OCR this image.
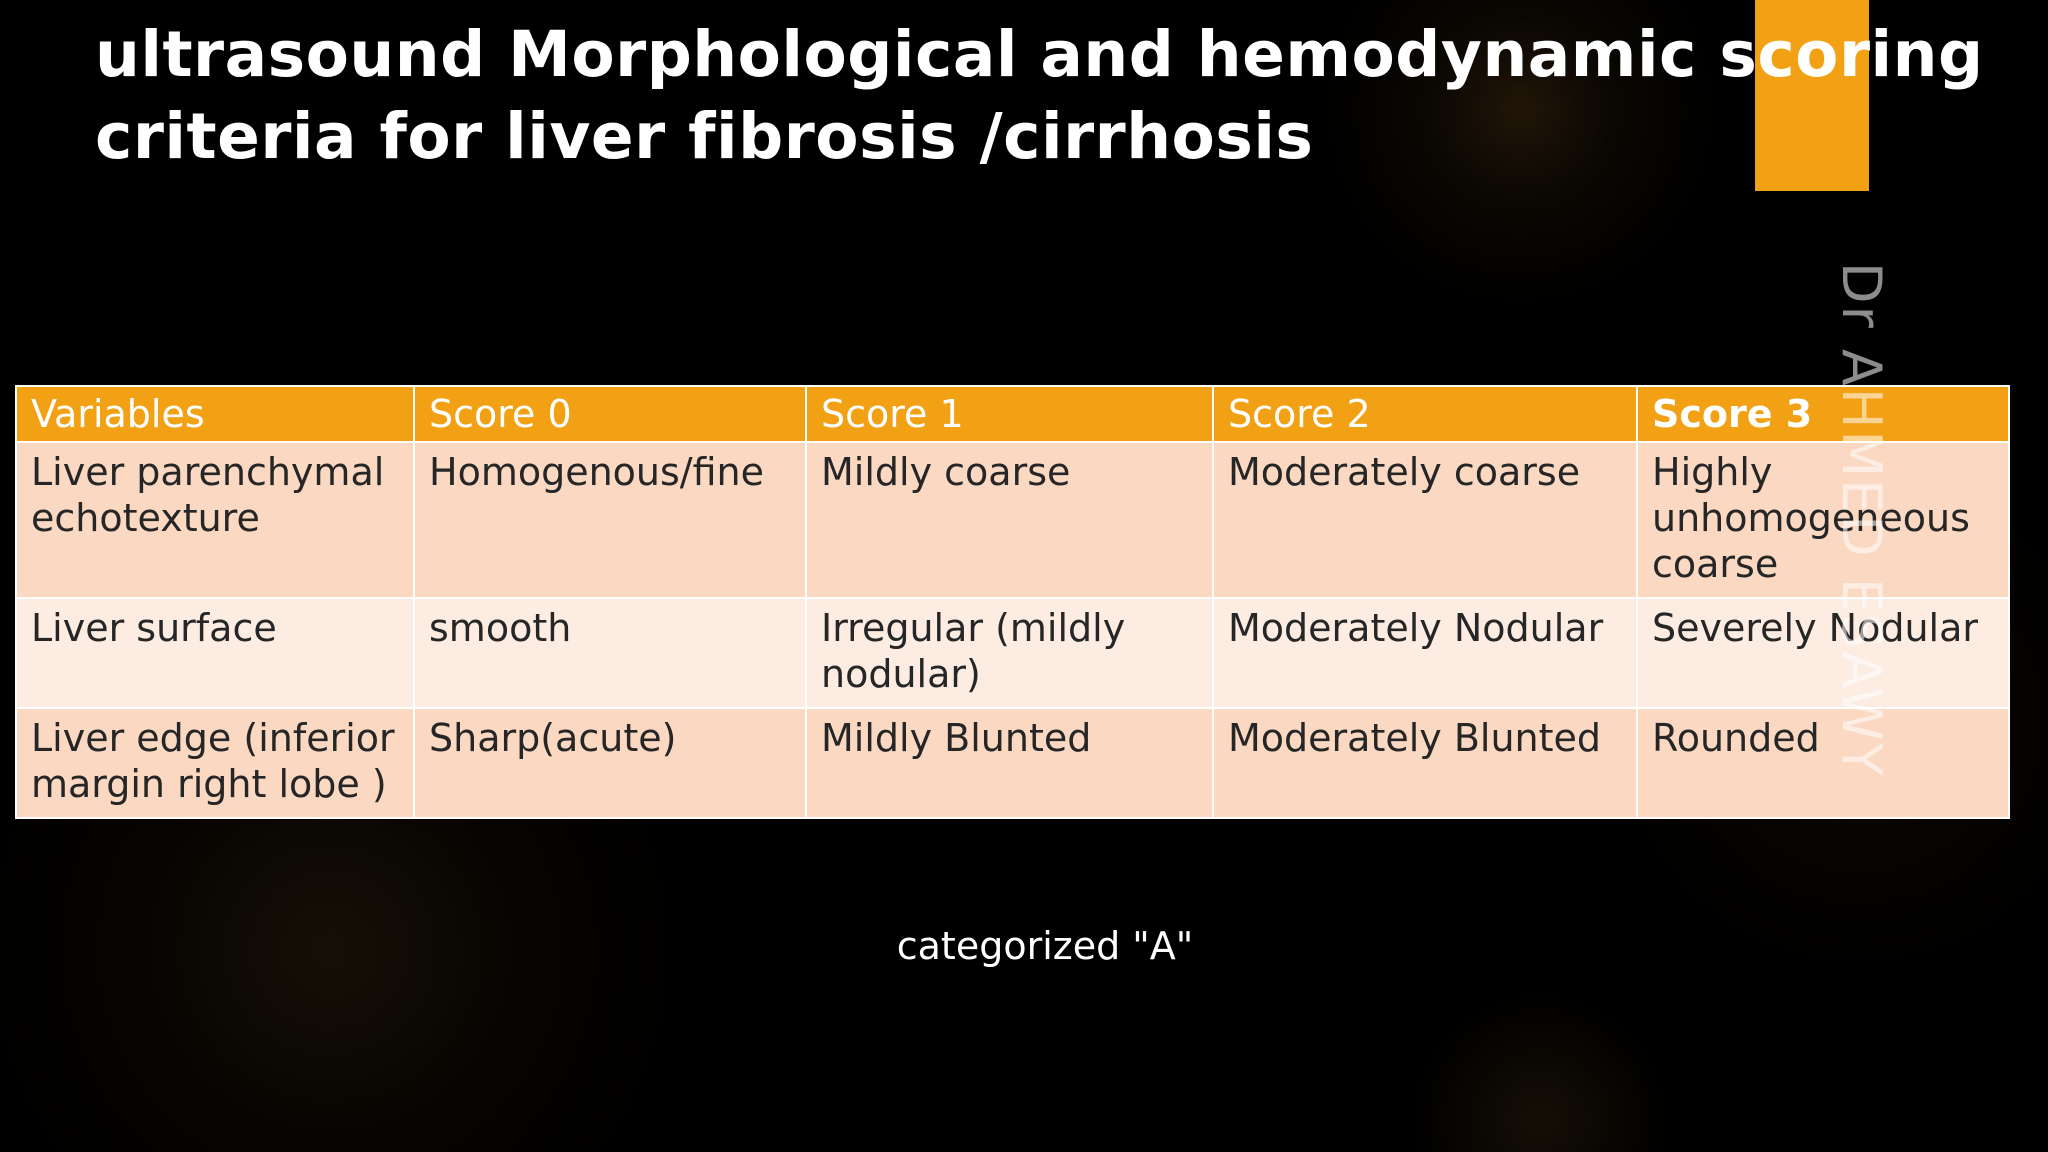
ultrasound Morphological and hemodynamic scoring
criteria for liver fibrosis /cirrhosis
Variables	Score 0	Score 1	Score 2	Score 3
Liver parenchymal echotexture	Homogenous/fine	Mildly coarse	Moderately coarse	Highly unhomogeneous coarse
Liver surface	smooth	Irregular (mildly nodular)	Moderately Nodular	Severely Nodular
Liver edge (inferior margin right lobe )	Sharp(acute)	Mildly Blunted	Moderately Blunted	Rounded
categorized "A"
Dr AHMED ESAWY
